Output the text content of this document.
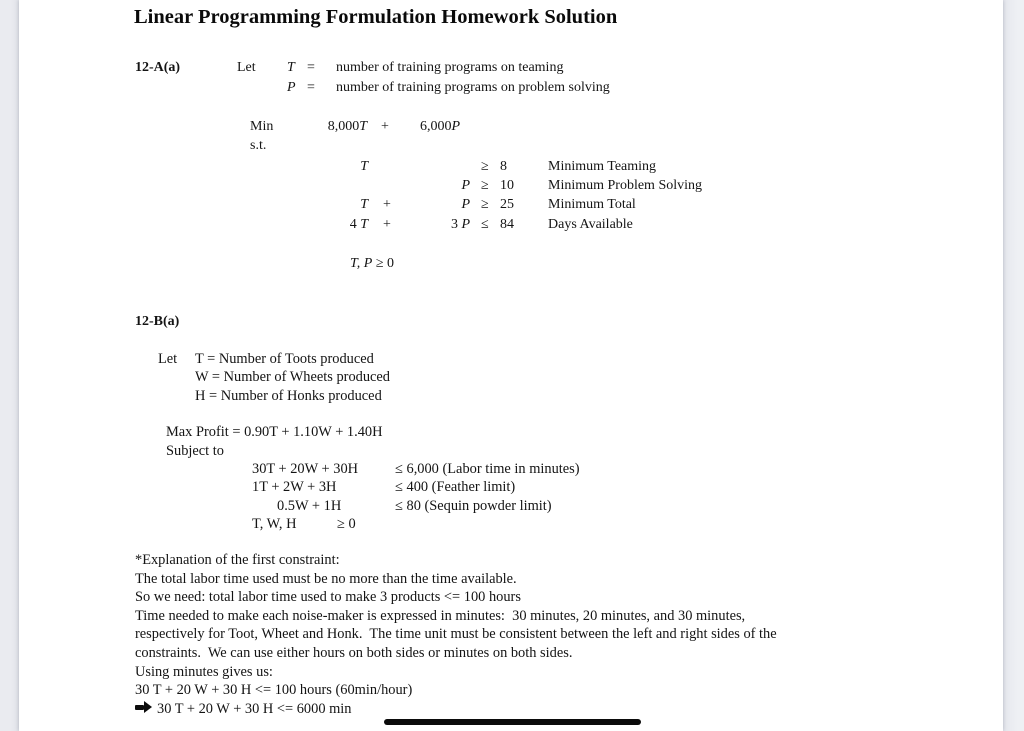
Linear Programming Formulation Homework Solution
12-A(a)	Let T = number of training programs on teaming
P = number of training programs on problem solving
Min	8,000T + 6,000P
s.t.
T	≥ 8	Minimum Teaming
P ≥ 10 Minimum Problem Solving
T +	P ≥ 25 Minimum Total
4 T +	3 P ≤ 84 Days Available
T, P ≥ 0
12-B(a)
Let T = Number of Toots produced
W = Number of Wheets produced
H = Number of Honks produced
Max Profit = 0.90T + 1.10W + 1.40H
Subject to
30T + 20W + 30H	≤ 6,000 (Labor time in minutes)
1T + 2W + 3H	≤ 400 (Feather limit)
0.5W + 1H	≤ 80 (Sequin powder limit)
T, W, H	≥ 0
*Explanation of the first constraint:
The total labor time used must be no more than the time available.
So we need: total labor time used to make 3 products <= 100 hours
Time needed to make each noise-maker is expressed in minutes:  30 minutes, 20 minutes, and 30 minutes,
respectively for Toot, Wheet and Honk.  The time unit must be consistent between the left and right sides of the
constraints.  We can use either hours on both sides or minutes on both sides.
Using minutes gives us:
30 T + 20 W + 30 H <= 100 hours (60min/hour)
30 T + 20 W + 30 H <= 6000 min
